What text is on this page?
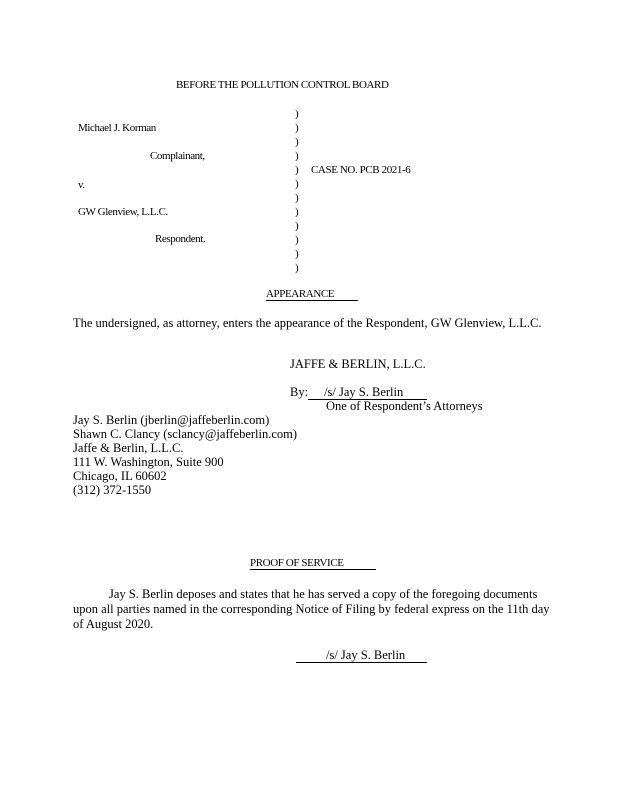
BEFORE THE POLLUTION CONTROL BOARD
Michael J. Korman
Complainant,
v.
GW Glenview, L.L.C.
Respondent.
)
)
)
)
)
)
)
)
)
)
)
)
CASE NO. PCB 2021-6
APPEARANCE
The undersigned, as attorney, enters the appearance of the Respondent, GW Glenview, L.L.C.
JAFFE & BERLIN, L.L.C.
By: /s/ Jay S. Berlin
One of Respondent’s Attorneys
Jay S. Berlin (jberlin@jaffeberlin.com)
Shawn C. Clancy (sclancy@jaffeberlin.com)
Jaffe & Berlin, L.L.C.
111 W. Washington, Suite 900
Chicago, IL 60602
(312) 372-1550
PROOF OF SERVICE
Jay S. Berlin deposes and states that he has served a copy of the foregoing documents
upon all parties named in the corresponding Notice of Filing by federal express on the 11th day
of August 2020.
/s/ Jay S. Berlin
